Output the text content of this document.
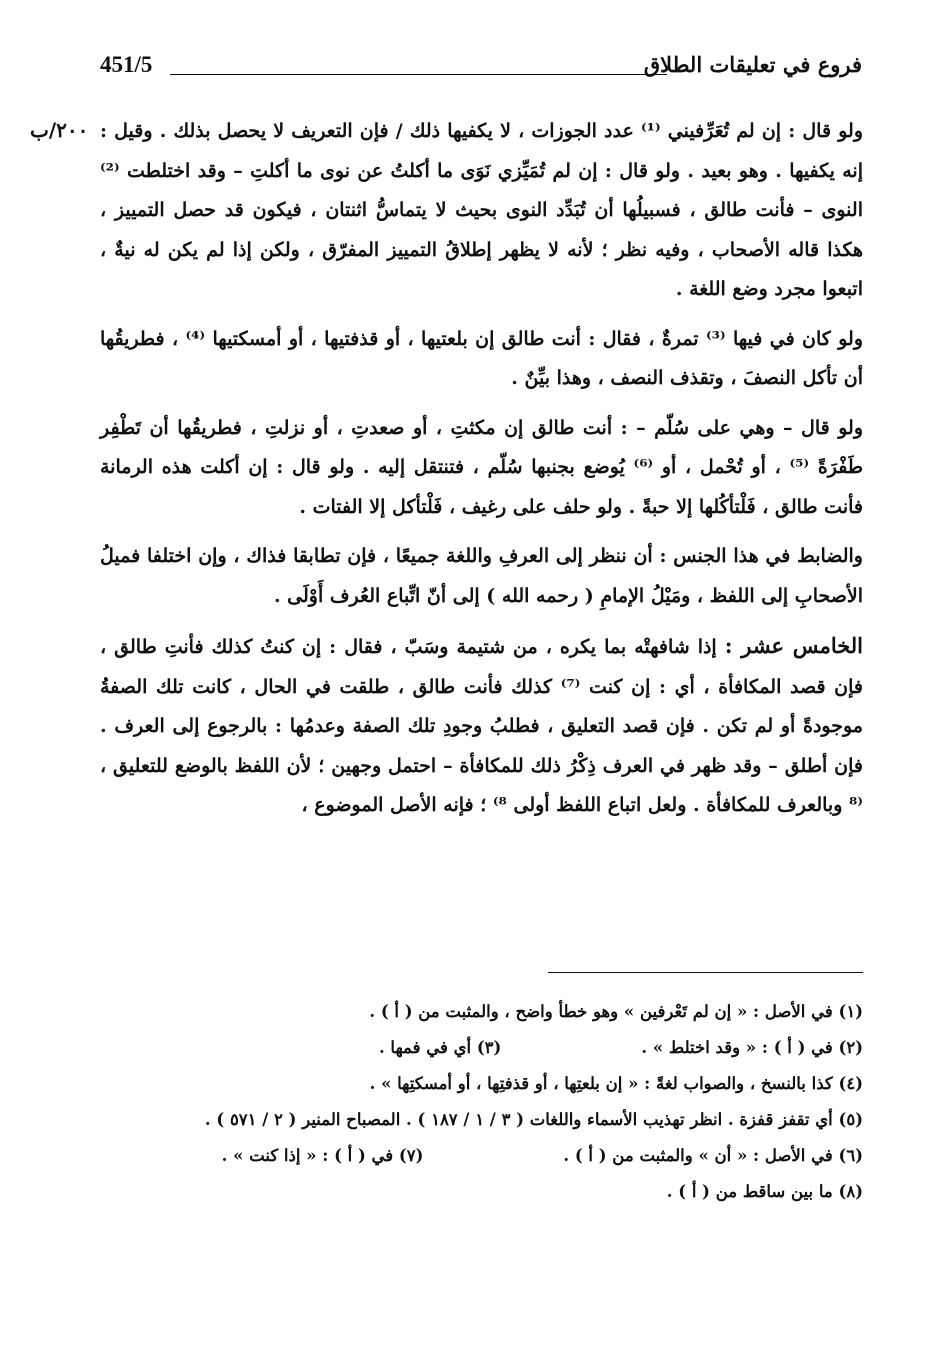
451/5	فروع في تعليقات الطلاق
٢٠٠/ب ولو قال : إن لم تُعَرِّفيني ⁽¹⁾ عدد الجوزات ، لا يكفيها ذلك / فإن التعريف لا يحصل بذلك . وقيل : إنه يكفيها . وهو بعيد . ولو قال : إن لم تُمَيِّزي نَوَى ما أكلتُ عن نوى ما أكلتِ – وقد اختلطت ⁽²⁾ النوى – فأنت طالق ، فسبيلُها أن تُبَدِّد النوى بحيث لا يتماسُّ اثنتان ، فيكون قد حصل التمييز ، هكذا قاله الأصحاب ، وفيه نظر ؛ لأنه لا يظهر إطلاقُ التمييز المفرّق ، ولكن إذا لم يكن له نيةٌ ، اتبعوا مجرد وضع اللغة .

ولو كان في فيها ⁽³⁾ تمرةٌ ، فقال : أنت طالق إن بلعتيها ، أو قذفتيها ، أو أمسكتيها ⁽⁴⁾ ، فطريقُها أن تأكل النصفَ ، وتقذف النصف ، وهذا بيِّنٌ .

ولو قال – وهي على سُلّم – : أنت طالق إن مكثتِ ، أو صعدتِ ، أو نزلتِ ، فطريقُها أن تَطْفِر طَفْرَةً ⁽⁵⁾ ، أو تُحْمل ، أو ⁽⁶⁾ يُوضع بجنبها سُلّم ، فتنتقل إليه . ولو قال : إن أكلت هذه الرمانة فأنت طالق ، فَلْتأكُلها إلا حبةً . ولو حلف على رغيف ، فَلْتأكل إلا الفتات .

والضابط في هذا الجنس : أن ننظر إلى العرفِ واللغة جميعًا ، فإن تطابقا فذاك ، وإن اختلفا فميلُ الأصحابِ إلى اللفظ ، ومَيْلُ الإمامِ ( رحمه الله ) إلى أنّ اتِّباع العُرف أَوْلَى .

الخامس عشر : إذا شافهتْه بما يكره ، من شتيمة وسَبّ ، فقال : إن كنتُ كذلك فأنتِ طالق ، فإن قصد المكافأة ، أي : إن كنت ⁽⁷⁾ كذلك فأنت طالق ، طلقت في الحال ، كانت تلك الصفةُ موجودةً أو لم تكن . فإن قصد التعليق ، فطلبُ وجودِ تلك الصفة وعدمُها : بالرجوع إلى العرف . فإن أطلق – وقد ظهر في العرف ذِكْرُ ذلك للمكافأة – احتمل وجهين ؛ لأن اللفظ بالوضع للتعليق ، ⁽⁸ وبالعرف للمكافأة . ولعل اتباع اللفظ أولى ⁸⁾ ؛ فإنه الأصل الموضوع ،

(١) في الأصل : « إن لم تَعْرفين » وهو خطأ واضح ، والمثبت من ( أ ) .
(٢) في ( أ ) : « وقد اختلط » .
(٣) أي في فمها .
(٤) كذا بالنسخ ، والصواب لغةً : « إن بلعتِها ، أو قذفتِها ، أو أمسكتِها » .
(٥) أي تقفز قفزة . انظر تهذيب الأسماء واللغات ( ٣ / ١ / ١٨٧ ) . المصباح المنير ( ٢ / ٥٧١ ) .
(٦) في الأصل : « أن » والمثبت من ( أ ) .
(٧) في ( أ ) : « إذا كنت » .
(٨) ما بين ساقط من ( أ ) .
